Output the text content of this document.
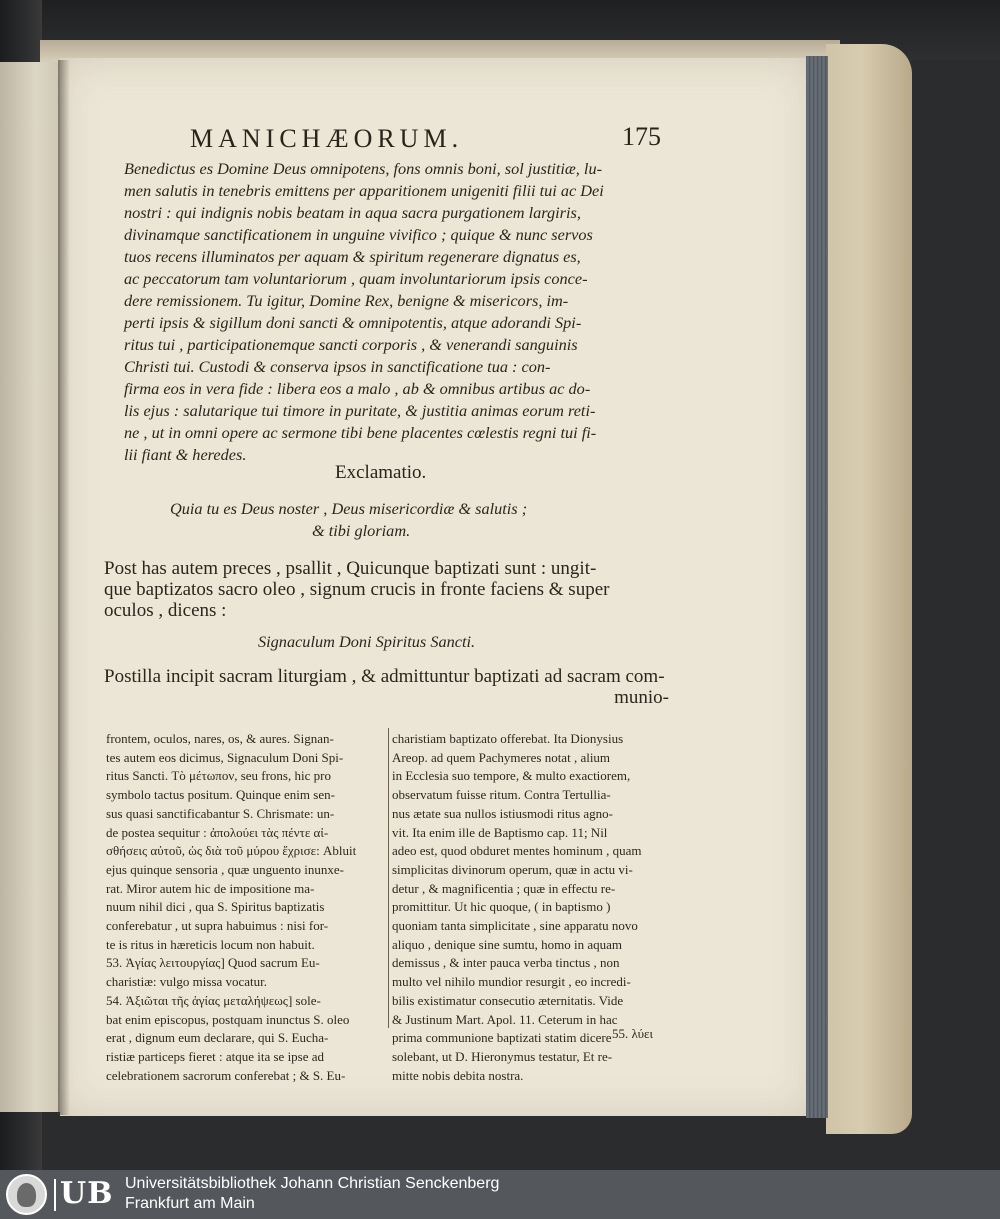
MANICHÆORUM.	175
Benedictus es Domine Deus omnipotens, fons omnis boni, sol justitiæ, lu-
men salutis in tenebris emittens per apparitionem unigeniti filii tui ac Dei
nostri : qui indignis nobis beatam in aqua sacra purgationem largiris,
divinamque sanctificationem in unguine vivifico ; quique & nunc servos
tuos recens illuminatos per aquam & spiritum regenerare dignatus es,
ac peccatorum tam voluntariorum , quam involuntariorum ipsis conce-
dere remissionem. Tu igitur, Domine Rex, benigne & misericors, im-
perti ipsis & sigillum doni sancti & omnipotentis, atque adorandi Spi-
ritus tui , participationemque sancti corporis , & venerandi sanguinis
Christi tui. Custodi & conserva ipsos in sanctificatione tua : con-
firma eos in vera fide : libera eos a malo , ab & omnibus artibus ac do-
lis ejus : salutarique tui timore in puritate, & justitia animas eorum reti-
ne , ut in omni opere ac sermone tibi bene placentes cœlestis regni tui fi-
lii fiant & heredes.
Exclamatio.
Quia tu es Deus noster , Deus misericordiæ & salutis ;
& tibi gloriam.
Post has autem preces , psallit , Quicunque baptizati sunt : ungit-
que baptizatos sacro oleo , signum crucis in fronte faciens & super
oculos , dicens :
Signaculum Doni Spiritus Sancti.
Postilla incipit sacram liturgiam , & admittuntur baptizati ad sacram com-
munio-
frontem, oculos, nares, os, & aures. Signan-
tes autem eos dicimus, Signaculum Doni Spi-
ritus Sancti. Τὸ μέτωπον, seu frons, hic pro
symbolo tactus positum. Quinque enim sen-
sus quasi sanctificabantur S. Chrismate: un-
de postea sequitur : ἀπολούει τὰς πέντε αἰ-
σθήσεις αὐτοῦ, ὡς διὰ τοῦ μύρου ἔχρισε: Abluit
ejus quinque sensoria , quæ unguento inunxe-
rat. Miror autem hic de impositione ma-
nuum nihil dici , qua S. Spiritus baptizatis
conferebatur , ut supra habuimus : nisi for-
te is ritus in hæreticis locum non habuit.
53. Ἁγίας λειτουργίας] Quod sacrum Eu-
charistiæ: vulgo missa vocatur.
54. Ἀξιῶται τῆς ἁγίας μεταλήψεως] sole-
bat enim episcopus, postquam inunctus S. oleo
erat , dignum eum declarare, qui S. Eucha-
ristiæ particeps fieret : atque ita se ipse ad
celebrationem sacrorum conferebat ; & S. Eu-
charistiam baptizato offerebat. Ita Dionysius
Areop. ad quem Pachymeres notat , alium
in Ecclesia suo tempore, & multo exactiorem,
observatum fuisse ritum. Contra Tertullia-
nus ætate sua nullos istiusmodi ritus agno-
vit. Ita enim ille de Baptismo cap. 11; Nil
adeo est, quod obduret mentes hominum , quam
simplicitas divinorum operum, quæ in actu vi-
detur , & magnificentia ; quæ in effectu re-
promittitur. Ut hic quoque, ( in baptismo )
quoniam tanta simplicitate , sine apparatu novo
aliquo , denique sine sumtu, homo in aquam
demissus , & inter pauca verba tinctus , non
multo vel nihilo mundior resurgit , eo incredi-
bilis existimatur consecutio æternitatis. Vide
& Justinum Mart. Apol. 11. Ceterum in hac
prima communione baptizati statim dicere
solebant, ut D. Hieronymus testatur, Et re-
mitte nobis debita nostra.
55. λύει
UB Universitätsbibliothek Johann Christian Senckenberg
Frankfurt am Main
